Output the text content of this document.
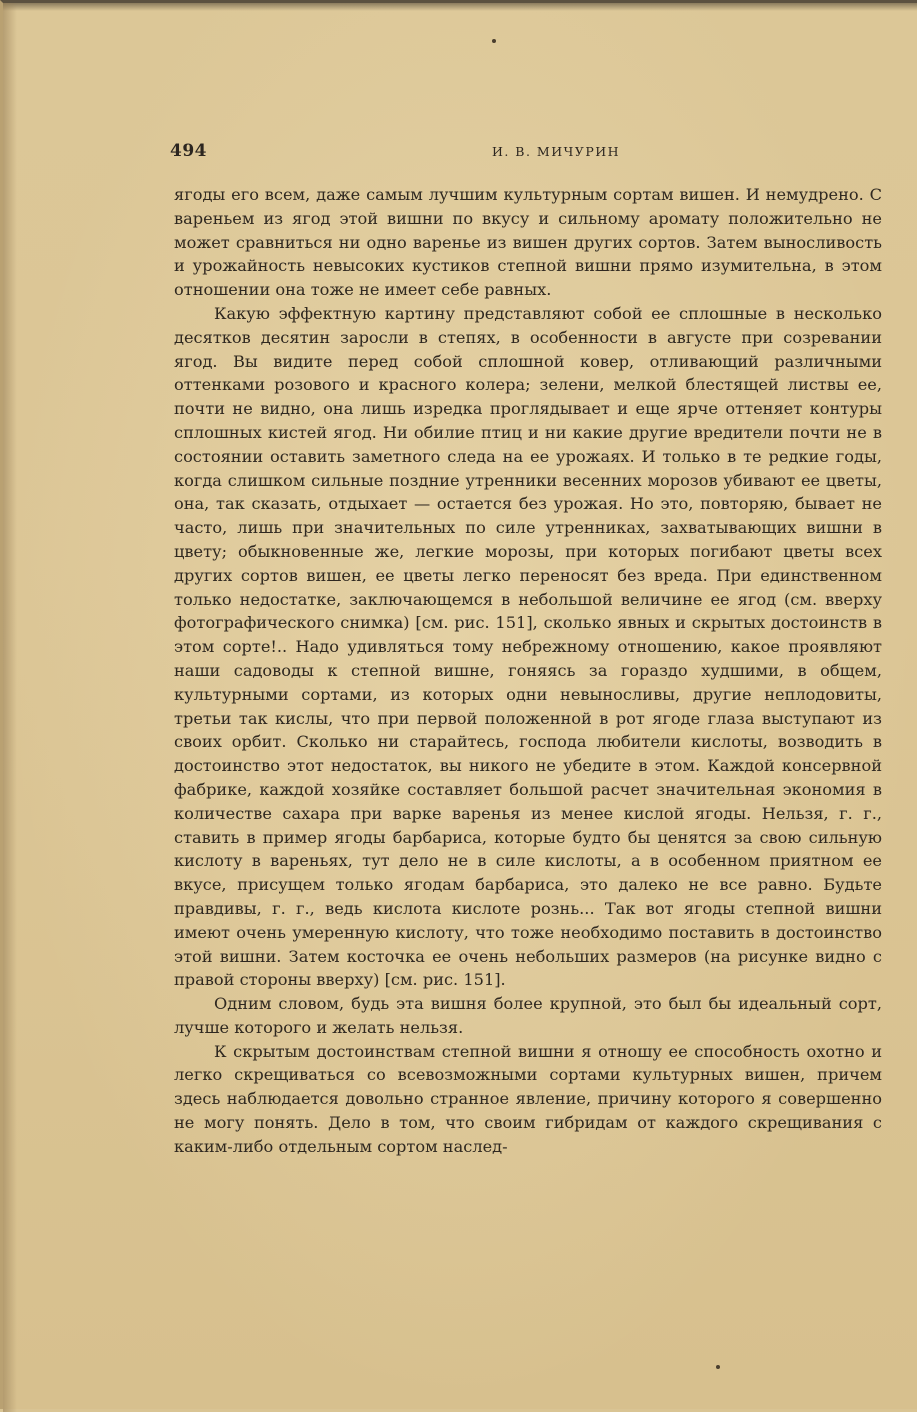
494	И. В. МИЧУРИН

ягоды его всем, даже самым лучшим культурным сортам вишен. И немудрено. С вареньем из ягод этой вишни по вкусу и сильному аромату положительно не может сравниться ни одно варенье из вишен других сортов. Затем выносливость и урожайность невысоких кустиков степной вишни прямо изумительна, в этом отношении она тоже не имеет себе равных.

Какую эффектную картину представляют собой ее сплошные в несколько десятков десятин заросли в степях, в особенности в августе при созревании ягод. Вы видите перед собой сплошной ковер, отливающий различными оттенками розового и красного колера; зелени, мелкой блестящей листвы ее, почти не видно, она лишь изредка проглядывает и еще ярче оттеняет контуры сплошных кистей ягод. Ни обилие птиц и ни какие другие вредители почти не в состоянии оставить заметного следа на ее урожаях. И только в те редкие годы, когда слишком сильные поздние утренники весенних морозов убивают ее цветы, она, так сказать, отдыхает — остается без урожая. Но это, повторяю, бывает не часто, лишь при значительных по силе утренниках, захватывающих вишни в цвету; обыкновенные же, легкие морозы, при которых погибают цветы всех других сортов вишен, ее цветы легко переносят без вреда. При единственном только недостатке, заключающемся в небольшой величине ее ягод (см. вверху фотографического снимка) [см. рис. 151], сколько явных и скрытых достоинств в этом сорте!.. Надо удивляться тому небрежному отношению, какое проявляют наши садоводы к степной вишне, гоняясь за гораздо худшими, в общем, культурными сортами, из которых одни невыносливы, другие неплодовиты, третьи так кислы, что при первой положенной в рот ягоде глаза выступают из своих орбит. Сколько ни старайтесь, господа любители кислоты, возводить в достоинство этот недостаток, вы никого не убедите в этом. Каждой консервной фабрике, каждой хозяйке составляет большой расчет значительная экономия в количестве сахара при варке варенья из менее кислой ягоды. Нельзя, г. г., ставить в пример ягоды барбариса, которые будто бы ценятся за свою сильную кислоту в вареньях, тут дело не в силе кислоты, а в особенном приятном ее вкусе, присущем только ягодам барбариса, это далеко не все равно. Будьте правдивы, г. г., ведь кислота кислоте рознь... Так вот ягоды степной вишни имеют очень умеренную кислоту, что тоже необходимо поставить в достоинство этой вишни. Затем косточка ее очень небольших размеров (на рисунке видно с правой стороны вверху) [см. рис. 151].

Одним словом, будь эта вишня более крупной, это был бы идеальный сорт, лучше которого и желать нельзя.

К скрытым достоинствам степной вишни я отношу ее способность охотно и легко скрещиваться со всевозможными сортами культурных вишен, причем здесь наблюдается довольно странное явление, причину которого я совершенно не могу понять. Дело в том, что своим гибридам от каждого скрещивания с каким-либо отдельным сортом наслед-
